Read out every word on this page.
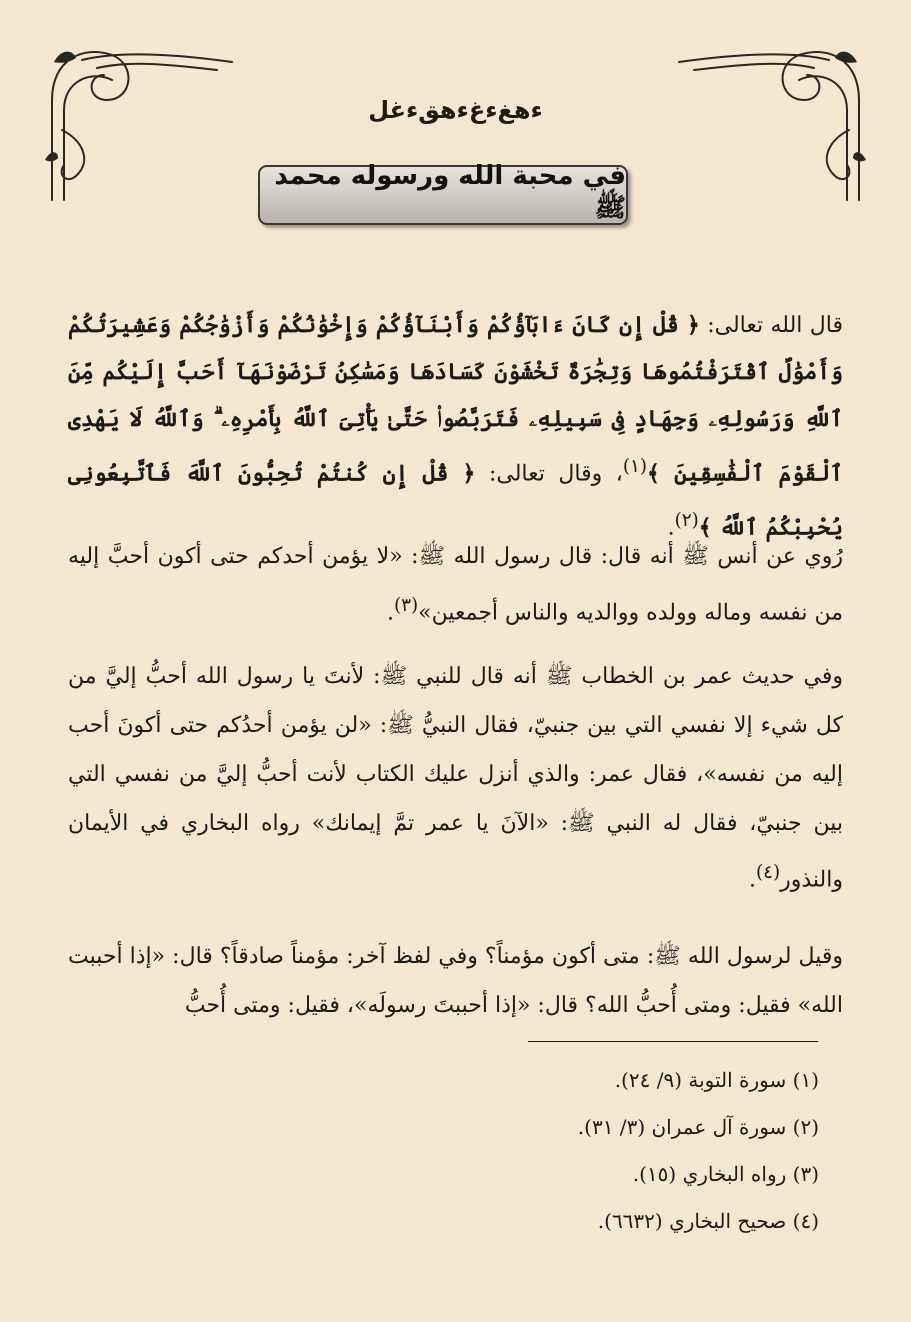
ءهغءغءهقءغل
في محبة الله ورسوله محمد ﷺ
قال الله تعالى: ﴿ قُلْ إِن كَانَ ءَابَآؤُكُمْ وَأَبْنَآؤُكُمْ وَإِخْوَٰنُكُمْ وَأَزْوَٰجُكُمْ وَعَشِيرَتُكُمْ وَأَمْوَٰلٌ ٱقْتَرَفْتُمُوهَا وَتِجَٰرَةٌ تَخْشَوْنَ كَسَادَهَا وَمَسَٰكِنُ تَرْضَوْنَهَآ أَحَبَّ إِلَيْكُم مِّنَ ٱللَّهِ وَرَسُولِهِۦ وَجِهَادٍ فِى سَبِيلِهِۦ فَتَرَبَّصُوا۟ حَتَّىٰ يَأْتِىَ ٱللَّهُ بِأَمْرِهِۦ ۗ وَٱللَّهُ لَا يَهْدِى ٱلْقَوْمَ ٱلْفَٰسِقِينَ ﴾$^{(١)}$، وقال تعالى: ﴿ قُلْ إِن كُنتُمْ تُحِبُّونَ ٱللَّهَ فَٱتَّبِعُونِى يُحْبِبْكُمُ ٱللَّهُ ﴾$^{(٢)}$.
رُوي عن أنس ﷺ أنه قال: قال رسول الله ﷺ: «لا يؤمن أحدكم حتى أكون أحبَّ إليه من نفسه وماله وولده ووالديه والناس أجمعين»$^{(٣)}$.
وفي حديث عمر بن الخطاب ﷺ أنه قال للنبي ﷺ: لأنتَ يا رسول الله أحبُّ إليَّ من كل شيء إلا نفسي التي بين جنبيّ، فقال النبيُّ ﷺ: «لن يؤمن أحدُكم حتى أكونَ أحب إليه من نفسه»، فقال عمر: والذي أنزل عليك الكتاب لأنت أحبُّ إليَّ من نفسي التي بين جنبيّ، فقال له النبي ﷺ: «الآنَ يا عمر تمَّ إيمانك» رواه البخاري في الأيمان والنذور$^{(٤)}$.
وقيل لرسول الله ﷺ: متى أكون مؤمناً؟ وفي لفظ آخر: مؤمناً صادقاً؟ قال: «إذا أحببت الله» فقيل: ومتى أُحبُّ الله؟ قال: «إذا أحببتَ رسولَه»، فقيل: ومتى أُحبُّ
(١) سورة التوبة (٩/ ٢٤).
(٢) سورة آل عمران (٣/ ٣١).
(٣) رواه البخاري (١٥).
(٤) صحيح البخاري (٦٦٣٢).
